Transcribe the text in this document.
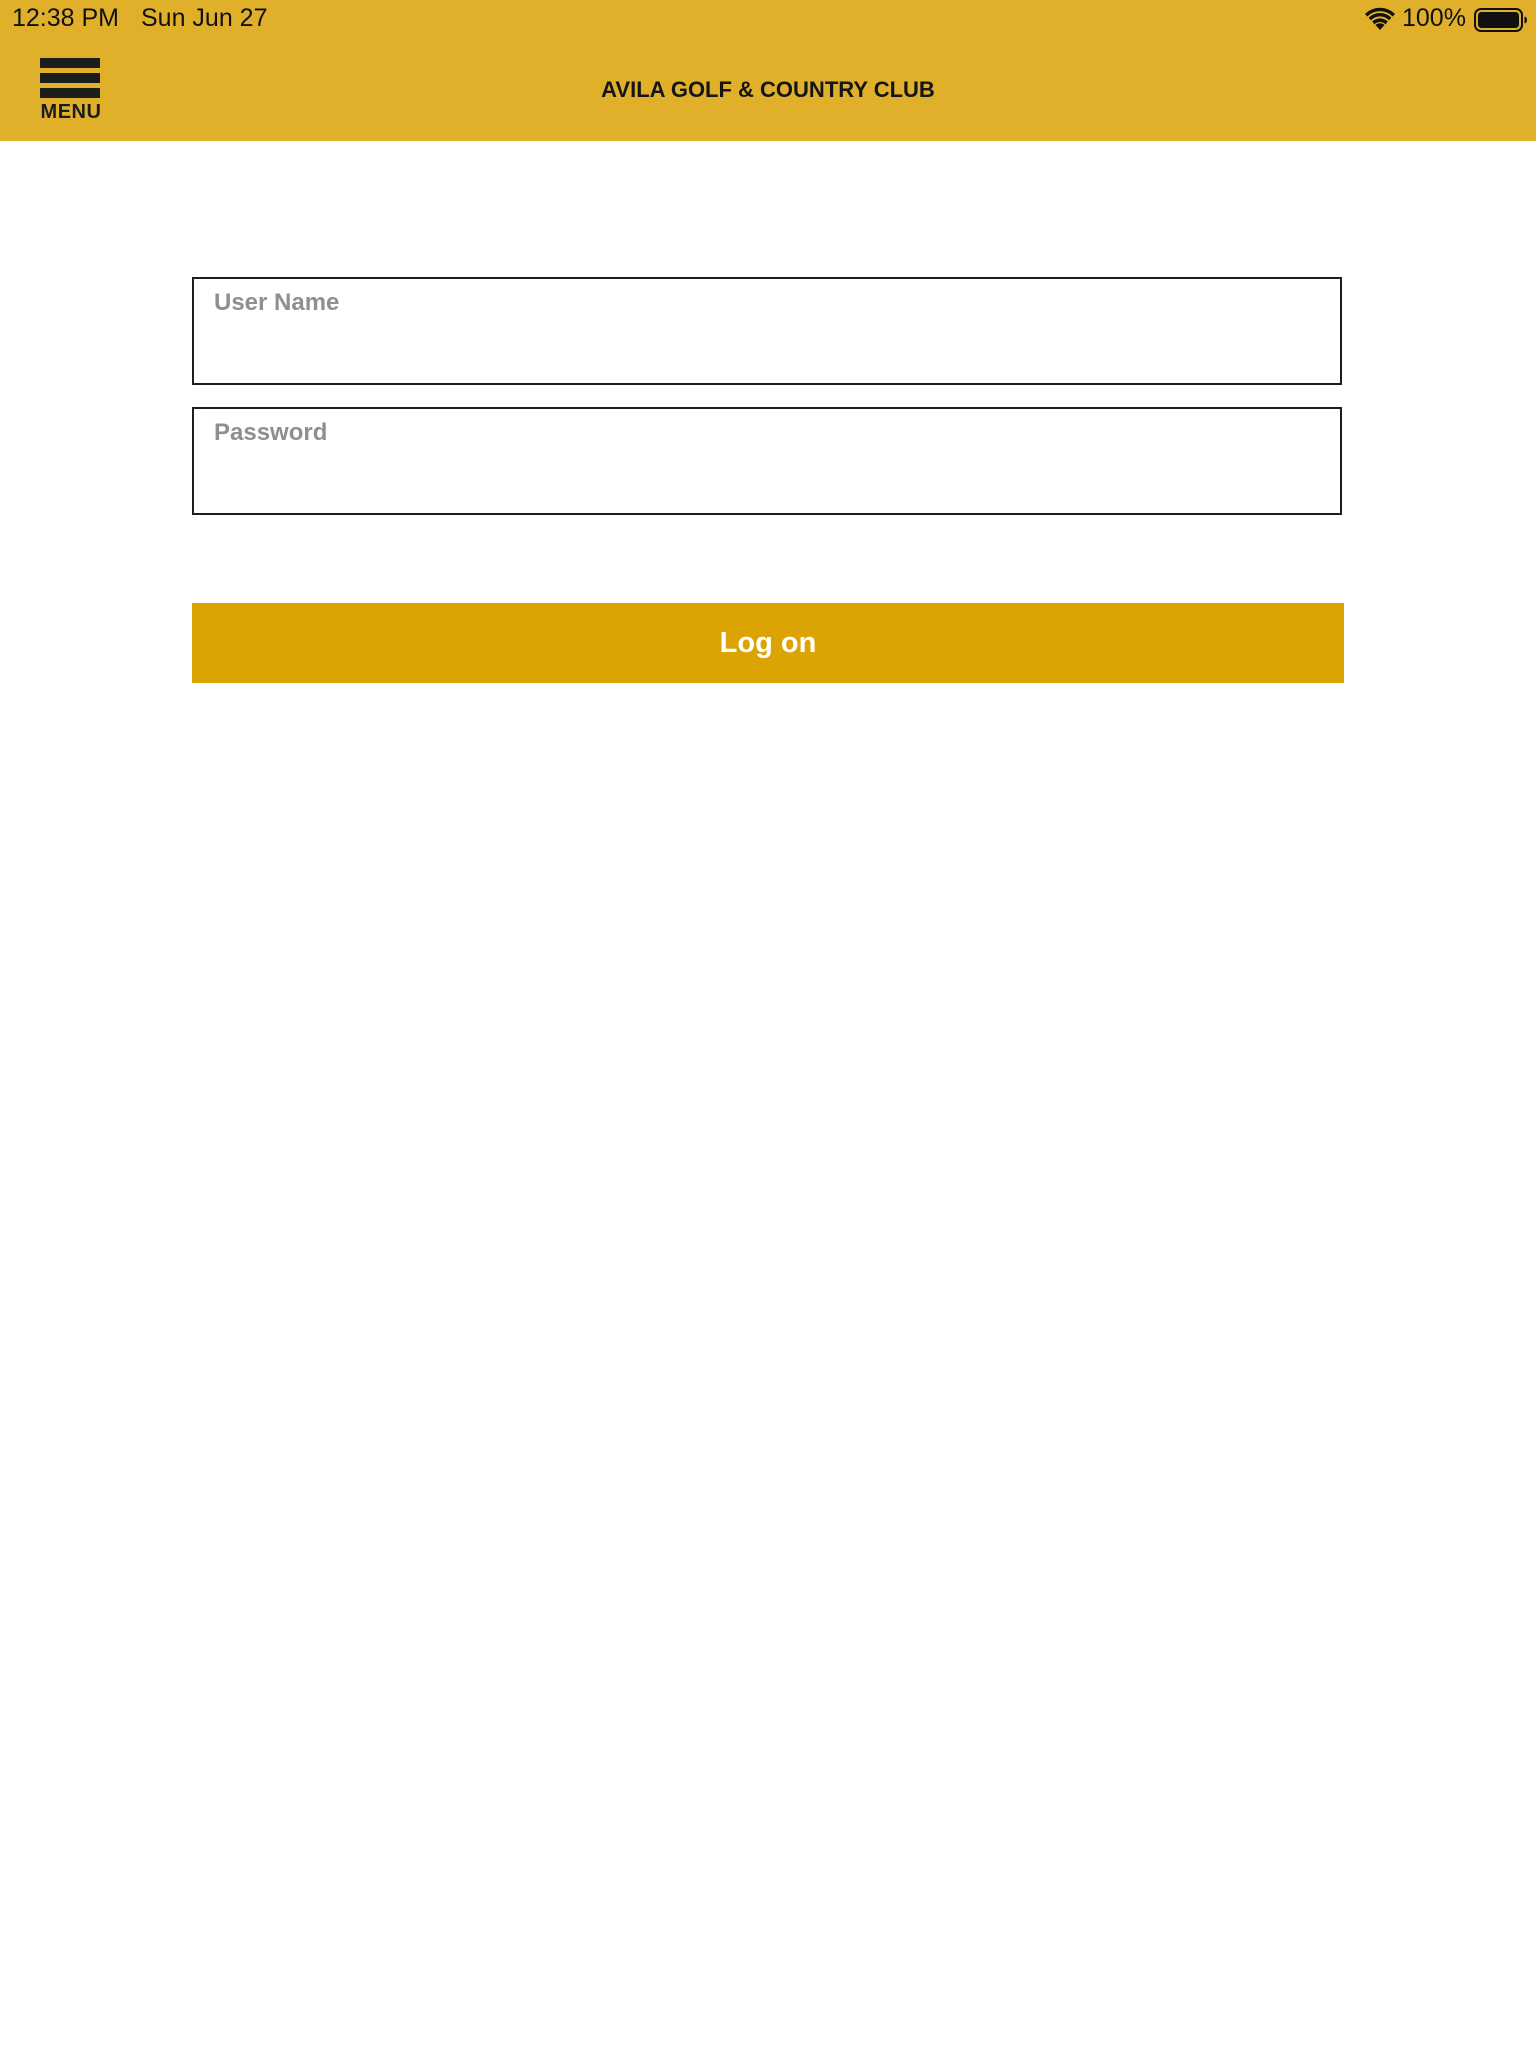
12:38 PM Sun Jun 27	100%
MENU
AVILA GOLF & COUNTRY CLUB
User Name
Password
Log on
